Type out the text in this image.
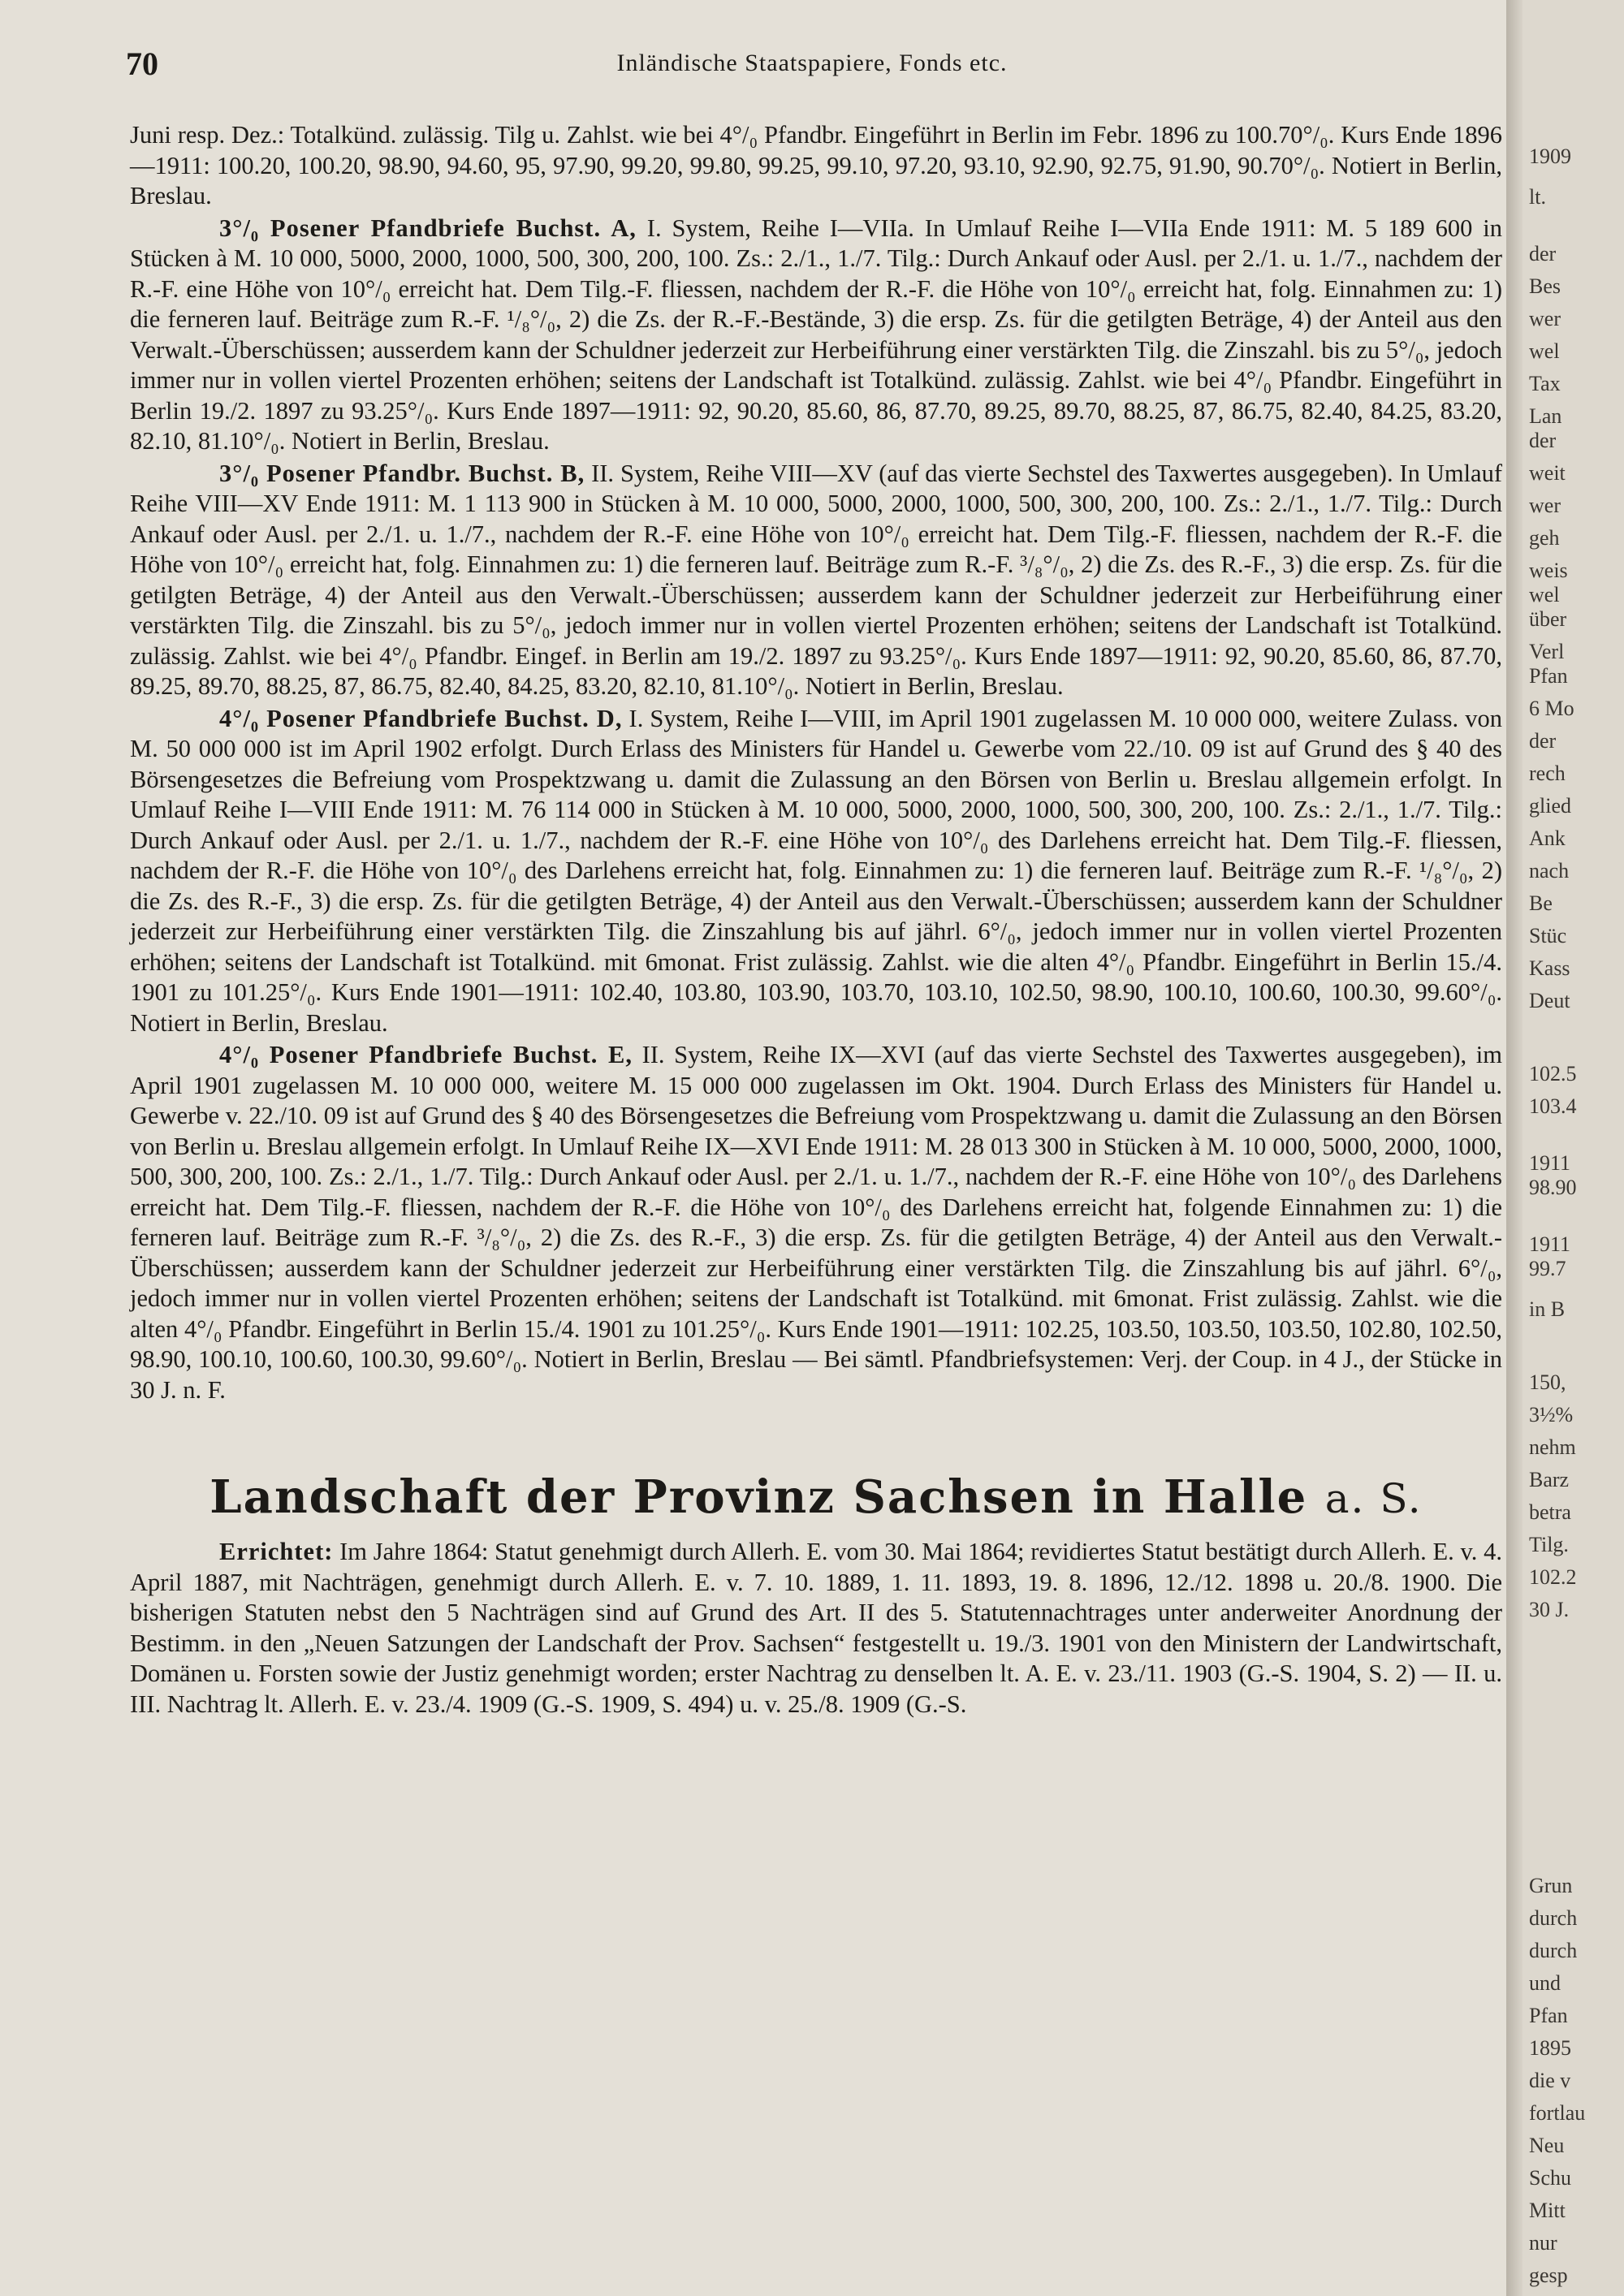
70	Inländische Staatspapiere, Fonds etc.

Juni resp. Dez.: Totalkünd. zulässig. Tilg u. Zahlst. wie bei 4°/₀ Pfandbr. Eingeführt in Berlin im Febr. 1896 zu 100.70°/₀. Kurs Ende 1896—1911: 100.20, 100.20, 98.90, 94.60, 95, 97.90, 99.20, 99.80, 99.25, 99.10, 97.20, 93.10, 92.90, 92.75, 91.90, 90.70°/₀. Notiert in Berlin, Breslau.

3°/₀ Posener Pfandbriefe Buchst. A, I. System, Reihe I—VIIa. In Umlauf Reihe I—VIIa Ende 1911: M. 5 189 600 in Stücken à M. 10 000, 5000, 2000, 1000, 500, 300, 200, 100. Zs.: 2./1., 1./7. Tilg.: Durch Ankauf oder Ausl. per 2./1. u. 1./7., nachdem der R.-F. eine Höhe von 10°/₀ erreicht hat. Dem Tilg.-F. fliessen, nachdem der R.-F. die Höhe von 10°/₀ erreicht hat, folg. Einnahmen zu: 1) die ferneren lauf. Beiträge zum R.-F. ¹/₈°/₀, 2) die Zs. der R.-F.-Bestände, 3) die ersp. Zs. für die getilgten Beträge, 4) der Anteil aus den Verwalt.-Überschüssen; ausserdem kann der Schuldner jederzeit zur Herbeiführung einer verstärkten Tilg. die Zinszahl. bis zu 5°/₀, jedoch immer nur in vollen viertel Prozenten erhöhen; seitens der Landschaft ist Totalkünd. zulässig. Zahlst. wie bei 4°/₀ Pfandbr. Eingeführt in Berlin 19./2. 1897 zu 93.25°/₀. Kurs Ende 1897—1911: 92, 90.20, 85.60, 86, 87.70, 89.25, 89.70, 88.25, 87, 86.75, 82.40, 84.25, 83.20, 82.10, 81.10°/₀. Notiert in Berlin, Breslau.

3°/₀ Posener Pfandbr. Buchst. B, II. System, Reihe VIII—XV (auf das vierte Sechstel des Taxwertes ausgegeben). In Umlauf Reihe VIII—XV Ende 1911: M. 1 113 900 in Stücken à M. 10 000, 5000, 2000, 1000, 500, 300, 200, 100. Zs.: 2./1., 1./7. Tilg.: Durch Ankauf oder Ausl. per 2./1. u. 1./7., nachdem der R.-F. eine Höhe von 10°/₀ erreicht hat. Dem Tilg.-F. fliessen, nachdem der R.-F. die Höhe von 10°/₀ erreicht hat, folg. Einnahmen zu: 1) die ferneren lauf. Beiträge zum R.-F. ³/₈°/₀, 2) die Zs. des R.-F., 3) die ersp. Zs. für die getilgten Beträge, 4) der Anteil aus den Verwalt.-Überschüssen; ausserdem kann der Schuldner jederzeit zur Herbeiführung einer verstärkten Tilg. die Zinszahl. bis zu 5°/₀, jedoch immer nur in vollen viertel Prozenten erhöhen; seitens der Landschaft ist Totalkünd. zulässig. Zahlst. wie bei 4°/₀ Pfandbr. Eingef. in Berlin am 19./2. 1897 zu 93.25°/₀. Kurs Ende 1897—1911: 92, 90.20, 85.60, 86, 87.70, 89.25, 89.70, 88.25, 87, 86.75, 82.40, 84.25, 83.20, 82.10, 81.10°/₀. Notiert in Berlin, Breslau.

4°/₀ Posener Pfandbriefe Buchst. D, I. System, Reihe I—VIII, im April 1901 zugelassen M. 10 000 000, weitere Zulass. von M. 50 000 000 ist im April 1902 erfolgt. Durch Erlass des Ministers für Handel u. Gewerbe vom 22./10. 09 ist auf Grund des § 40 des Börsengesetzes die Befreiung vom Prospektzwang u. damit die Zulassung an den Börsen von Berlin u. Breslau allgemein erfolgt. In Umlauf Reihe I—VIII Ende 1911: M. 76 114 000 in Stücken à M. 10 000, 5000, 2000, 1000, 500, 300, 200, 100. Zs.: 2./1., 1./7. Tilg.: Durch Ankauf oder Ausl. per 2./1. u. 1./7., nachdem der R.-F. eine Höhe von 10°/₀ des Darlehens erreicht hat. Dem Tilg.-F. fliessen, nachdem der R.-F. die Höhe von 10°/₀ des Darlehens erreicht hat, folg. Einnahmen zu: 1) die ferneren lauf. Beiträge zum R.-F. ¹/₈°/₀, 2) die Zs. des R.-F., 3) die ersp. Zs. für die getilgten Beträge, 4) der Anteil aus den Verwalt.-Überschüssen; ausserdem kann der Schuldner jederzeit zur Herbeiführung einer verstärkten Tilg. die Zinszahlung bis auf jährl. 6°/₀, jedoch immer nur in vollen viertel Prozenten erhöhen; seitens der Landschaft ist Totalkünd. mit 6monat. Frist zulässig. Zahlst. wie die alten 4°/₀ Pfandbr. Eingeführt in Berlin 15./4. 1901 zu 101.25°/₀. Kurs Ende 1901—1911: 102.40, 103.80, 103.90, 103.70, 103.10, 102.50, 98.90, 100.10, 100.60, 100.30, 99.60°/₀. Notiert in Berlin, Breslau.

4°/₀ Posener Pfandbriefe Buchst. E, II. System, Reihe IX—XVI (auf das vierte Sechstel des Taxwertes ausgegeben), im April 1901 zugelassen M. 10 000 000, weitere M. 15 000 000 zugelassen im Okt. 1904. Durch Erlass des Ministers für Handel u. Gewerbe v. 22./10. 09 ist auf Grund des § 40 des Börsengesetzes die Befreiung vom Prospektzwang u. damit die Zulassung an den Börsen von Berlin u. Breslau allgemein erfolgt. In Umlauf Reihe IX—XVI Ende 1911: M. 28 013 300 in Stücken à M. 10 000, 5000, 2000, 1000, 500, 300, 200, 100. Zs.: 2./1., 1./7. Tilg.: Durch Ankauf oder Ausl. per 2./1. u. 1./7., nachdem der R.-F. eine Höhe von 10°/₀ des Darlehens erreicht hat. Dem Tilg.-F. fliessen, nachdem der R.-F. die Höhe von 10°/₀ des Darlehens erreicht hat, folgende Einnahmen zu: 1) die ferneren lauf. Beiträge zum R.-F. ³/₈°/₀, 2) die Zs. des R.-F., 3) die ersp. Zs. für die getilgten Beträge, 4) der Anteil aus den Verwalt.-Überschüssen; ausserdem kann der Schuldner jederzeit zur Herbeiführung einer verstärkten Tilg. die Zinszahlung bis auf jährl. 6°/₀, jedoch immer nur in vollen viertel Prozenten erhöhen; seitens der Landschaft ist Totalkünd. mit 6monat. Frist zulässig. Zahlst. wie die alten 4°/₀ Pfandbr. Eingeführt in Berlin 15./4. 1901 zu 101.25°/₀. Kurs Ende 1901—1911: 102.25, 103.50, 103.50, 103.50, 102.80, 102.50, 98.90, 100.10, 100.60, 100.30, 99.60°/₀. Notiert in Berlin, Breslau — Bei sämtl. Pfandbriefsystemen: Verj. der Coup. in 4 J., der Stücke in 30 J. n. F.

Landschaft der Provinz Sachsen in Halle a. S.

Errichtet: Im Jahre 1864: Statut genehmigt durch Allerh. E. vom 30. Mai 1864; revidiertes Statut bestätigt durch Allerh. E. v. 4. April 1887, mit Nachträgen, genehmigt durch Allerh. E. v. 7. 10. 1889, 1. 11. 1893, 19. 8. 1896, 12./12. 1898 u. 20./8. 1900. Die bisherigen Statuten nebst den 5 Nachträgen sind auf Grund des Art. II des 5. Statutennachtrages unter anderweiter Anordnung der Bestimm. in den „Neuen Satzungen der Landschaft der Prov. Sachsen“ festgestellt u. 19./3. 1901 von den Ministern der Landwirtschaft, Domänen u. Forsten sowie der Justiz genehmigt worden; erster Nachtrag zu denselben lt. A. E. v. 23./11. 1903 (G.-S. 1904, S. 2) — II. u. III. Nachtrag lt. Allerh. E. v. 23./4. 1909 (G.-S. 1909, S. 494) u. v. 25./8. 1909 (G.-S.

1909
lt.
der
Bes
wer
wel
Tax
Lan
der
weit
wer
geh
weis
wel
über
Verl
Pfan
6 Mo
der
rech
glied
Ank
nach
Be
Stüc
Kass
Deut
102.5
103.4
1911
98.90
1911
99.7
in B
150,
3½%
nehm
Barz
betra
Tilg.
102.2
30 J.
Grun
durch
durch
und
Pfan
1895
die v
fortlau
Neu
Schu
Mitt
nur
gesp
